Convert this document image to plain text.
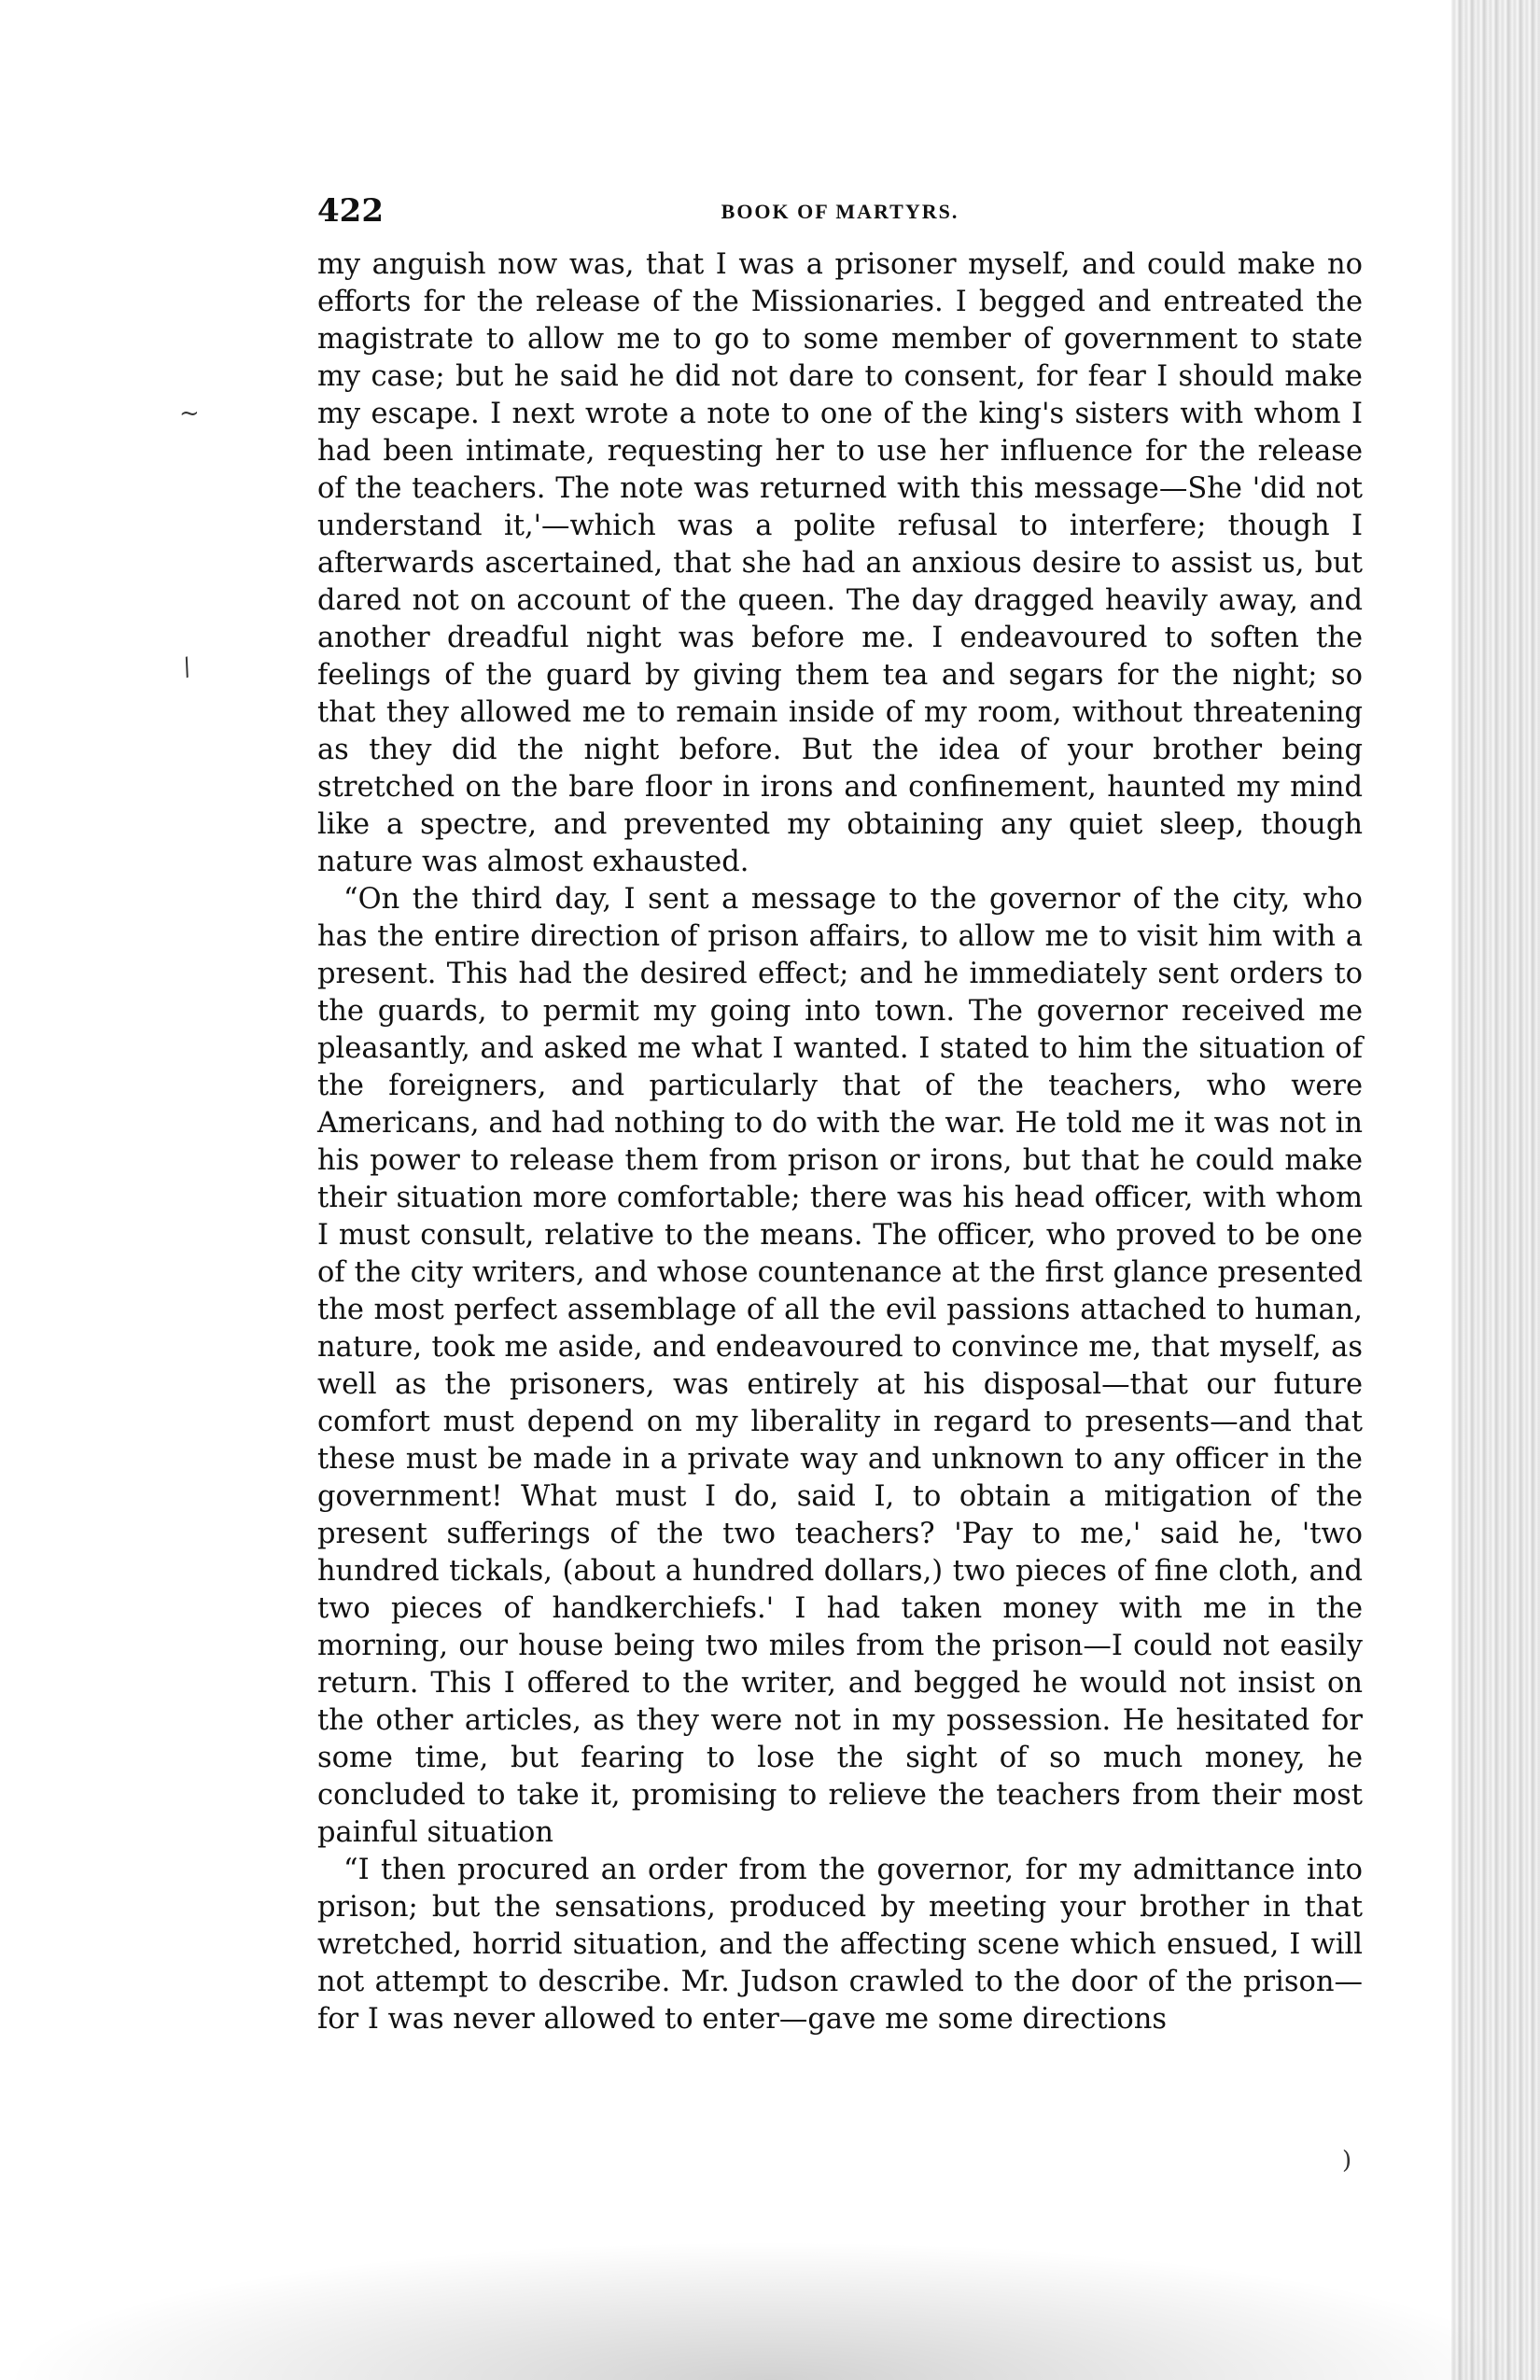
~
/
)
422	BOOK OF MARTYRS.

my anguish now was, that I was a prisoner myself, and could make no efforts for the release of the Missionaries. I begged and entreated the magistrate to allow me to go to some member of government to state my case; but he said he did not dare to consent, for fear I should make my escape. I next wrote a note to one of the king's sisters with whom I had been intimate, requesting her to use her influence for the release of the teachers. The note was returned with this message—She 'did not understand it,'—which was a polite refusal to interfere; though I afterwards ascertained, that she had an anxious desire to assist us, but dared not on account of the queen. The day dragged heavily away, and another dreadful night was before me. I endeavoured to soften the feelings of the guard by giving them tea and segars for the night; so that they allowed me to remain inside of my room, without threatening as they did the night before. But the idea of your brother being stretched on the bare floor in irons and confinement, haunted my mind like a spectre, and prevented my obtaining any quiet sleep, though nature was almost exhausted.

“On the third day, I sent a message to the governor of the city, who has the entire direction of prison affairs, to allow me to visit him with a present. This had the desired effect; and he immediately sent orders to the guards, to permit my going into town. The governor received me pleasantly, and asked me what I wanted. I stated to him the situation of the foreigners, and particularly that of the teachers, who were Americans, and had nothing to do with the war. He told me it was not in his power to release them from prison or irons, but that he could make their situation more comfortable; there was his head officer, with whom I must consult, relative to the means. The officer, who proved to be one of the city writers, and whose countenance at the first glance presented the most perfect assemblage of all the evil passions attached to human, nature, took me aside, and endeavoured to convince me, that myself, as well as the prisoners, was entirely at his disposal—that our future comfort must depend on my liberality in regard to presents—and that these must be made in a private way and unknown to any officer in the government! What must I do, said I, to obtain a mitigation of the present sufferings of the two teachers? 'Pay to me,' said he, 'two hundred tickals, (about a hundred dollars,) two pieces of fine cloth, and two pieces of handkerchiefs.' I had taken money with me in the morning, our house being two miles from the prison—I could not easily return. This I offered to the writer, and begged he would not insist on the other articles, as they were not in my possession. He hesitated for some time, but fearing to lose the sight of so much money, he concluded to take it, promising to relieve the teachers from their most painful situation

“I then procured an order from the governor, for my admittance into prison; but the sensations, produced by meeting your brother in that wretched, horrid situation, and the affecting scene which ensued, I will not attempt to describe. Mr. Judson crawled to the door of the prison—for I was never allowed to enter—gave me some directions
